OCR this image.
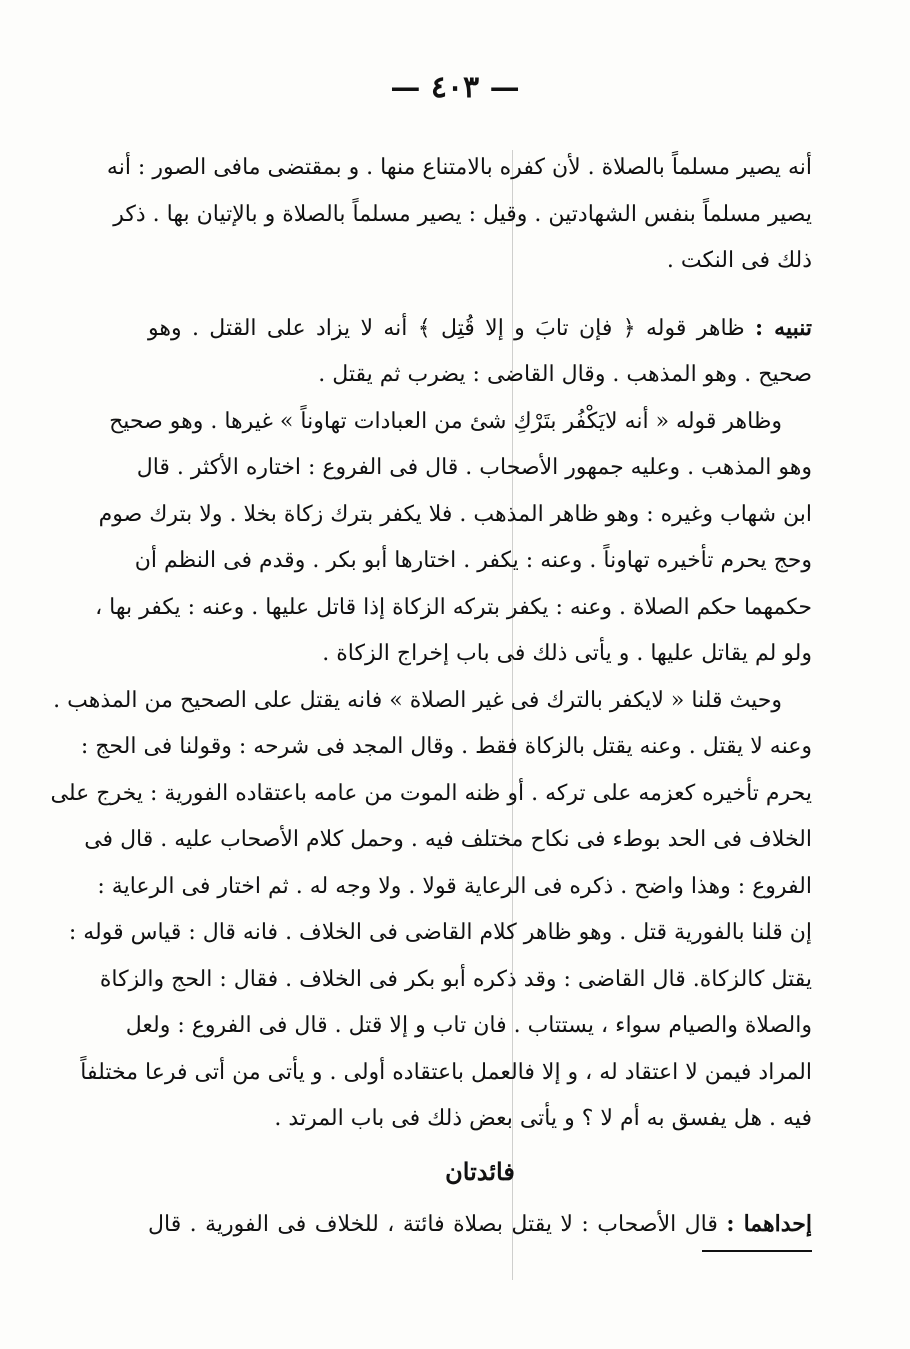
— ٤٠٣ —
أنه يصير مسلماً بالصلاة . لأن كفره بالامتناع منها . و بمقتضى مافى الصور : أنه
يصير مسلماً بنفس الشهادتين . وقيل : يصير مسلماً بالصلاة و بالإتيان بها . ذكر
ذلك فى النكت .
تنبيه : ظاهر قوله ﴿ فإن تابَ و إلا قُتِل ﴾ أنه لا يزاد على القتل . وهو
صحيح . وهو المذهب . وقال القاضى : يضرب ثم يقتل .
وظاهر قوله « أنه لايَكْفُر بتَرْكِ شئ من العبادات تهاوناً » غيرها . وهو صحيح
وهو المذهب . وعليه جمهور الأصحاب . قال فى الفروع : اختاره الأكثر . قال
ابن شهاب وغيره : وهو ظاهر المذهب . فلا يكفر بترك زكاة بخلا . ولا بترك صوم
وحج يحرم تأخيره تهاوناً . وعنه : يكفر . اختارها أبو بكر . وقدم فى النظم أن
حكمهما حكم الصلاة . وعنه : يكفر بتركه الزكاة إذا قاتل عليها . وعنه : يكفر بها ،
ولو لم يقاتل عليها . و يأتى ذلك فى باب إخراج الزكاة .
وحيث قلنا « لايكفر بالترك فى غير الصلاة » فانه يقتل على الصحيح من المذهب .
وعنه لا يقتل . وعنه يقتل بالزكاة فقط . وقال المجد فى شرحه : وقولنا فى الحج :
يحرم تأخيره كعزمه على تركه . أو ظنه الموت من عامه باعتقاده الفورية : يخرج على
الخلاف فى الحد بوطء فى نكاح مختلف فيه . وحمل كلام الأصحاب عليه . قال فى
الفروع : وهذا واضح . ذكره فى الرعاية قولا . ولا وجه له . ثم اختار فى الرعاية :
إن قلنا بالفورية قتل . وهو ظاهر كلام القاضى فى الخلاف . فانه قال : قياس قوله :
يقتل كالزكاة. قال القاضى : وقد ذكره أبو بكر فى الخلاف . فقال : الحج والزكاة
والصلاة والصيام سواء ، يستتاب . فان تاب و إلا قتل . قال فى الفروع : ولعل
المراد فيمن لا اعتقاد له ، و إلا فالعمل باعتقاده أولى . و يأتى من أتى فرعا مختلفاً
فيه . هل يفسق به أم لا ؟ و يأتى بعض ذلك فى باب المرتد .
فائدتان
إحداهما : قال الأصحاب : لا يقتل بصلاة فائتة ، للخلاف فى الفورية . قال
